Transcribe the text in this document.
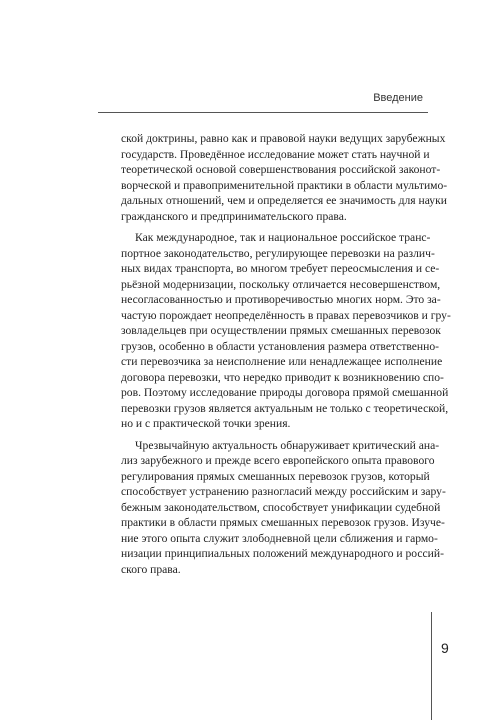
Введение

ской доктрины, равно как и правовой науки ведущих зарубежных
государств. Проведённое исследование может стать научной и
теоретической основой совершенствования российской законот-
ворческой и правоприменительной практики в области мультимо-
дальных отношений, чем и определяется ее значимость для науки
гражданского и предпринимательского права.

Как международное, так и национальное российское транс-
портное законодательство, регулирующее перевозки на различ-
ных видах транспорта, во многом требует переосмысления и се-
рьёзной модернизации, поскольку отличается несовершенством,
несогласованностью и противоречивостью многих норм. Это за-
частую порождает неопределённость в правах перевозчиков и гру-
зовладельцев при осуществлении прямых смешанных перевозок
грузов, особенно в области установления размера ответственно-
сти перевозчика за неисполнение или ненадлежащее исполнение
договора перевозки, что нередко приводит к возникновению спо-
ров. Поэтому исследование природы договора прямой смешанной
перевозки грузов является актуальным не только с теоретической,
но и с практической точки зрения.

Чрезвычайную актуальность обнаруживает критический ана-
лиз зарубежного и прежде всего европейского опыта правового
регулирования прямых смешанных перевозок грузов, который
способствует устранению разногласий между российским и зару-
бежным законодательством, способствует унификации судебной
практики в области прямых смешанных перевозок грузов. Изуче-
ние этого опыта служит злободневной цели сближения и гармо-
низации принципиальных положений международного и россий-
ского права.

9
